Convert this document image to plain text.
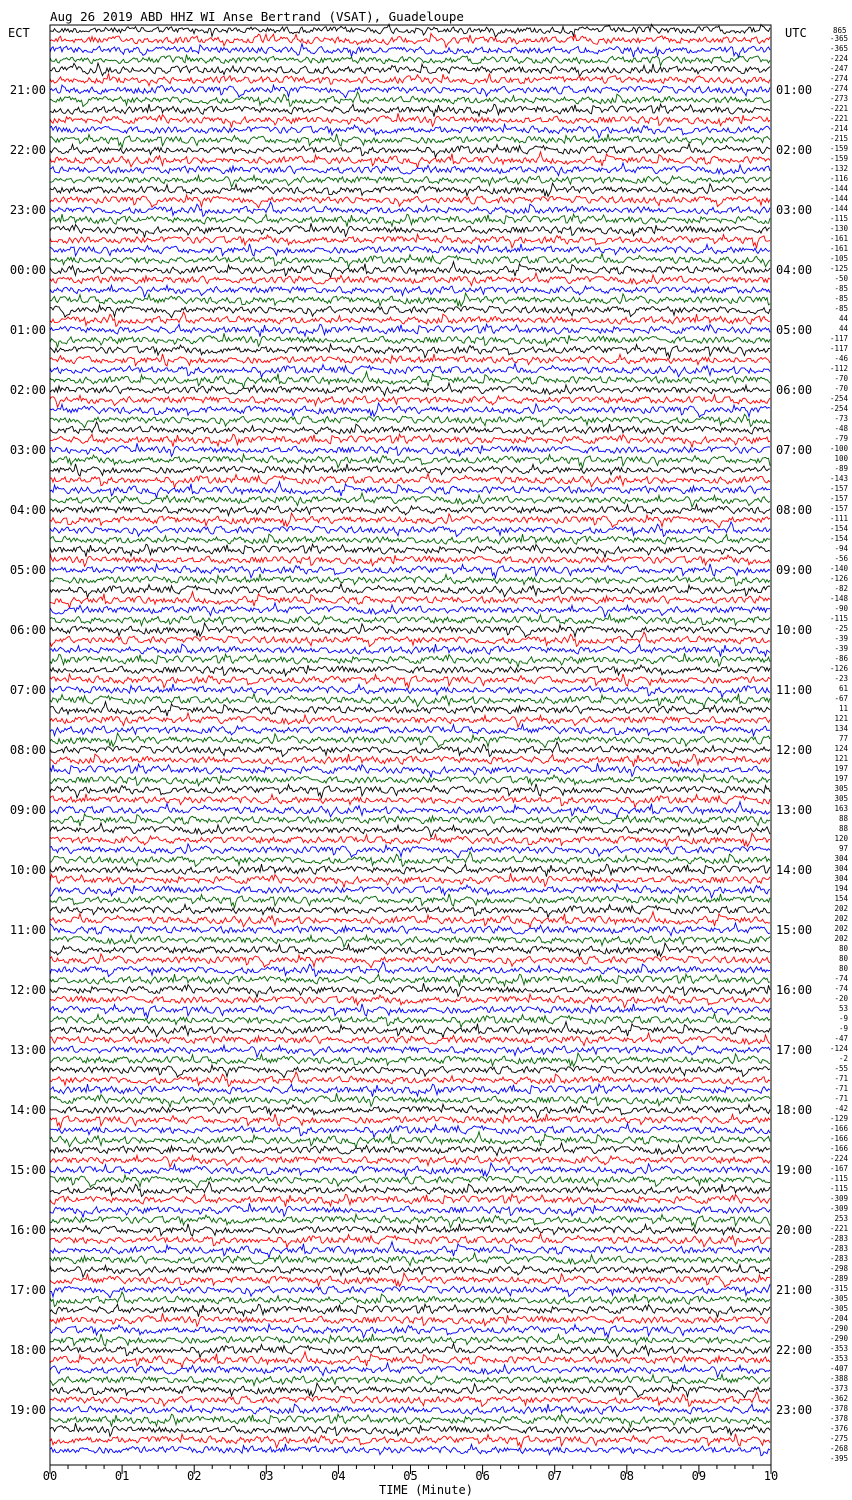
Aug 26 2019 ABD HHZ WI Anse Bertrand (VSAT), Guadeloupe
ECT	UTC	865
21:00
22:00
23:00
00:00
01:00
02:00
03:00
04:00
05:00
06:00
07:00
08:00
09:00
10:00
11:00
12:00
13:00
14:00
15:00
16:00
17:00
18:00
19:00
01:00
02:00
03:00
04:00
05:00
06:00
07:00
08:00
09:00
10:00
11:00
12:00
13:00
14:00
15:00
16:00
17:00
18:00
19:00
20:00
21:00
22:00
23:00
-365
-365
-224
-247
-274
-274
-273
-221
-221
-214
-215
-159
-159
-132
-116
-144
-144
-144
-115
-130
-161
-161
-105
-125
-50
-85
-85
-85
44
44
-117
-117
-46
-112
-70
-70
-254
-254
-73
-48
-79
-100
100
-89
-143
-157
-157
-157
-111
-154
-154
-94
-56
-140
-126
-82
-148
-90
-115
-25
-39
-39
-86
-126
-23
61
-67
11
121
134
77
124
121
197
197
305
305
163
88
88
120
97
304
304
304
194
154
202
202
202
202
80
80
80
-74
-74
-20
53
-9
-9
-47
-124
-2
-55
-71
-71
-71
-42
-129
-166
-166
-166
-224
-167
-115
-115
-309
-309
253
-221
-283
-283
-283
-298
-289
-315
-305
-305
-204
-290
-290
-353
-353
-407
-388
-373
-362
-378
-378
-376
-275
-268
-395
00	01	02	03	04	05	06	07	08	09	10
TIME (Minute)
